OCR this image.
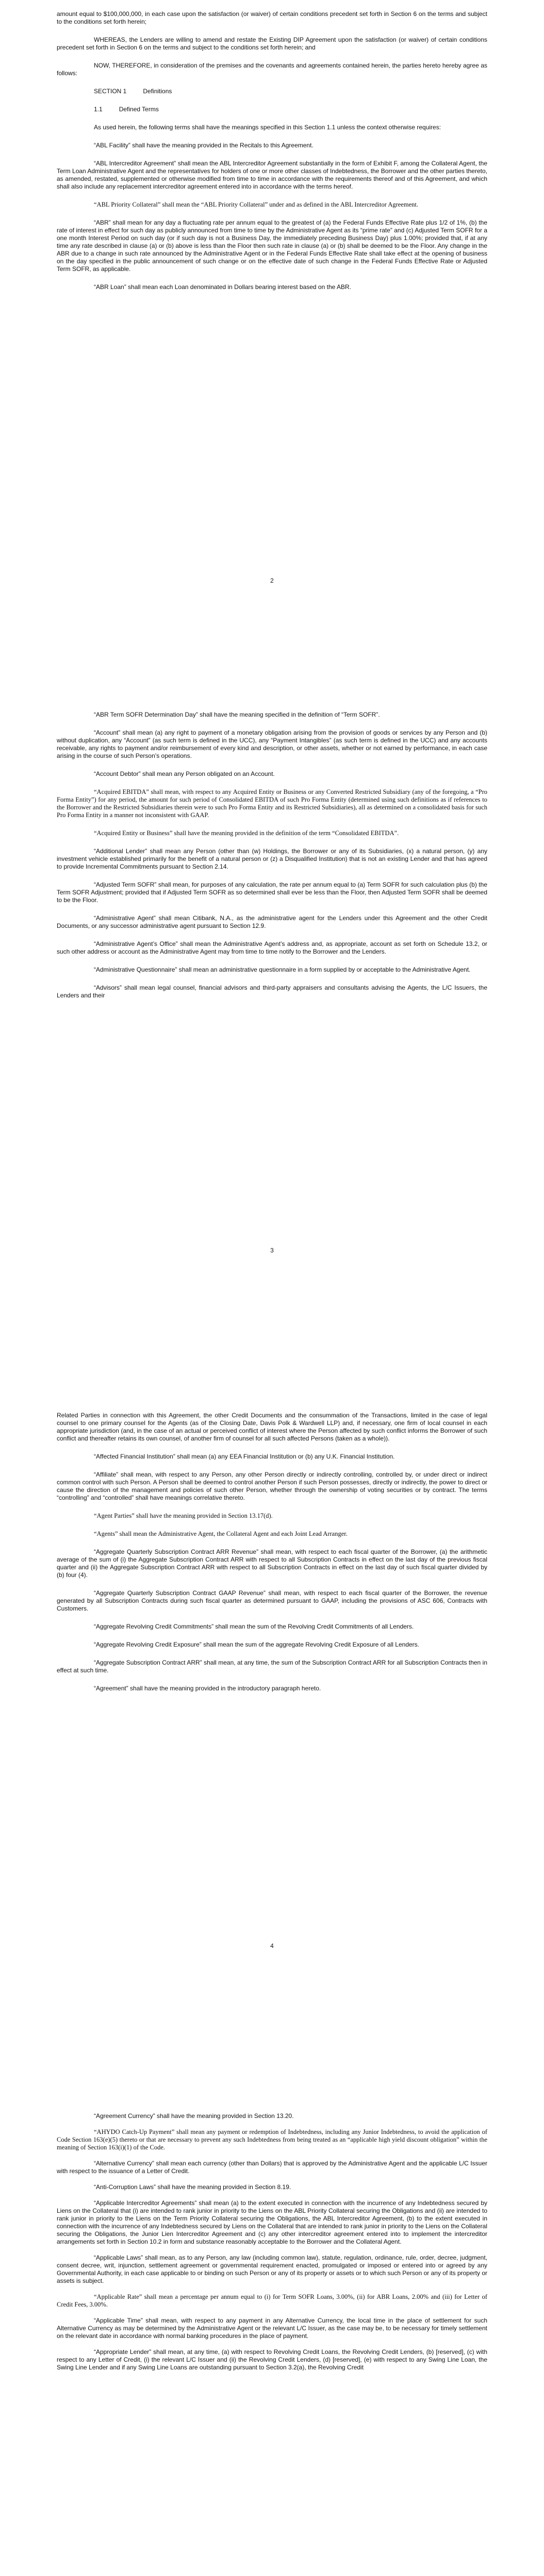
amount equal to $100,000,000, in each case upon the satisfaction (or waiver) of certain conditions precedent set forth in Section 6 on the terms and subject to the conditions set forth herein;

WHEREAS, the Lenders are willing to amend and restate the Existing DIP Agreement upon the satisfaction (or waiver) of certain conditions precedent set forth in Section 6 on the terms and subject to the conditions set forth herein; and

NOW, THEREFORE, in consideration of the premises and the covenants and agreements contained herein, the parties hereto hereby agree as follows:

SECTION 1	Definitions
1.1	Defined Terms

As used herein, the following terms shall have the meanings specified in this Section 1.1 unless the context otherwise requires:

“ABL Facility” shall have the meaning provided in the Recitals to this Agreement.

“ABL Intercreditor Agreement” shall mean the ABL Intercreditor Agreement substantially in the form of Exhibit F, among the Collateral Agent, the Term Loan Administrative Agent and the representatives for holders of one or more other classes of Indebtedness, the Borrower and the other parties thereto, as amended, restated, supplemented or otherwise modified from time to time in accordance with the requirements thereof and of this Agreement, and which shall also include any replacement intercreditor agreement entered into in accordance with the terms hereof.

“ABL Priority Collateral” shall mean the “ABL Priority Collateral” under and as defined in the ABL Intercreditor Agreement.

“ABR” shall mean for any day a fluctuating rate per annum equal to the greatest of (a) the Federal Funds Effective Rate plus 1/2 of 1%, (b) the rate of interest in effect for such day as publicly announced from time to time by the Administrative Agent as its “prime rate” and (c) Adjusted Term SOFR for a one month Interest Period on such day (or if such day is not a Business Day, the immediately preceding Business Day) plus 1.00%; provided that, if at any time any rate described in clause (a) or (b) above is less than the Floor then such rate in clause (a) or (b) shall be deemed to be the Floor. Any change in the ABR due to a change in such rate announced by the Administrative Agent or in the Federal Funds Effective Rate shall take effect at the opening of business on the day specified in the public announcement of such change or on the effective date of such change in the Federal Funds Effective Rate or Adjusted Term SOFR, as applicable.

“ABR Loan” shall mean each Loan denominated in Dollars bearing interest based on the ABR.

2

“ABR Term SOFR Determination Day” shall have the meaning specified in the definition of “Term SOFR”.

“Account” shall mean (a) any right to payment of a monetary obligation arising from the provision of goods or services by any Person and (b) without duplication, any “Account” (as such term is defined in the UCC), any “Payment Intangibles” (as such term is defined in the UCC) and any accounts receivable, any rights to payment and/or reimbursement of every kind and description, or other assets, whether or not earned by performance, in each case arising in the course of such Person’s operations.

“Account Debtor” shall mean any Person obligated on an Account.

“Acquired EBITDA” shall mean, with respect to any Acquired Entity or Business or any Converted Restricted Subsidiary (any of the foregoing, a “Pro Forma Entity”) for any period, the amount for such period of Consolidated EBITDA of such Pro Forma Entity (determined using such definitions as if references to the Borrower and the Restricted Subsidiaries therein were to such Pro Forma Entity and its Restricted Subsidiaries), all as determined on a consolidated basis for such Pro Forma Entity in a manner not inconsistent with GAAP.

“Acquired Entity or Business” shall have the meaning provided in the definition of the term “Consolidated EBITDA”.

“Additional Lender” shall mean any Person (other than (w) Holdings, the Borrower or any of its Subsidiaries, (x) a natural person, (y) any investment vehicle established primarily for the benefit of a natural person or (z) a Disqualified Institution) that is not an existing Lender and that has agreed to provide Incremental Commitments pursuant to Section 2.14.

“Adjusted Term SOFR” shall mean, for purposes of any calculation, the rate per annum equal to (a) Term SOFR for such calculation plus (b) the Term SOFR Adjustment; provided that if Adjusted Term SOFR as so determined shall ever be less than the Floor, then Adjusted Term SOFR shall be deemed to be the Floor.

“Administrative Agent” shall mean Citibank, N.A., as the administrative agent for the Lenders under this Agreement and the other Credit Documents, or any successor administrative agent pursuant to Section 12.9.

“Administrative Agent’s Office” shall mean the Administrative Agent’s address and, as appropriate, account as set forth on Schedule 13.2, or such other address or account as the Administrative Agent may from time to time notify to the Borrower and the Lenders.

“Administrative Questionnaire” shall mean an administrative questionnaire in a form supplied by or acceptable to the Administrative Agent.

“Advisors” shall mean legal counsel, financial advisors and third-party appraisers and consultants advising the Agents, the L/C Issuers, the Lenders and their

3

Related Parties in connection with this Agreement, the other Credit Documents and the consummation of the Transactions, limited in the case of legal counsel to one primary counsel for the Agents (as of the Closing Date, Davis Polk & Wardwell LLP) and, if necessary, one firm of local counsel in each appropriate jurisdiction (and, in the case of an actual or perceived conflict of interest where the Person affected by such conflict informs the Borrower of such conflict and thereafter retains its own counsel, of another firm of counsel for all such affected Persons (taken as a whole)).

“Affected Financial Institution” shall mean (a) any EEA Financial Institution or (b) any U.K. Financial Institution.

“Affiliate” shall mean, with respect to any Person, any other Person directly or indirectly controlling, controlled by, or under direct or indirect common control with such Person. A Person shall be deemed to control another Person if such Person possesses, directly or indirectly, the power to direct or cause the direction of the management and policies of such other Person, whether through the ownership of voting securities or by contract. The terms “controlling” and “controlled” shall have meanings correlative thereto.

“Agent Parties” shall have the meaning provided in Section 13.17(d).

“Agents” shall mean the Administrative Agent, the Collateral Agent and each Joint Lead Arranger.

“Aggregate Quarterly Subscription Contract ARR Revenue” shall mean, with respect to each fiscal quarter of the Borrower, (a) the arithmetic average of the sum of (i) the Aggregate Subscription Contract ARR with respect to all Subscription Contracts in effect on the last day of the previous fiscal quarter and (ii) the Aggregate Subscription Contract ARR with respect to all Subscription Contracts in effect on the last day of such fiscal quarter divided by (b) four (4).

“Aggregate Quarterly Subscription Contract GAAP Revenue” shall mean, with respect to each fiscal quarter of the Borrower, the revenue generated by all Subscription Contracts during such fiscal quarter as determined pursuant to GAAP, including the provisions of ASC 606, Contracts with Customers.

“Aggregate Revolving Credit Commitments” shall mean the sum of the Revolving Credit Commitments of all Lenders.

“Aggregate Revolving Credit Exposure” shall mean the sum of the aggregate Revolving Credit Exposure of all Lenders.

“Aggregate Subscription Contract ARR” shall mean, at any time, the sum of the Subscription Contract ARR for all Subscription Contracts then in effect at such time.

“Agreement” shall have the meaning provided in the introductory paragraph hereto.

4

“Agreement Currency” shall have the meaning provided in Section 13.20.

“AHYDO Catch-Up Payment” shall mean any payment or redemption of Indebtedness, including any Junior Indebtedness, to avoid the application of Code Section 163(e)(5) thereto or that are necessary to prevent any such Indebtedness from being treated as an “applicable high yield discount obligation” within the meaning of Section 163(i)(1) of the Code.

“Alternative Currency” shall mean each currency (other than Dollars) that is approved by the Administrative Agent and the applicable L/C Issuer with respect to the issuance of a Letter of Credit.

“Anti-Corruption Laws” shall have the meaning provided in Section 8.19.

“Applicable Intercreditor Agreements” shall mean (a) to the extent executed in connection with the incurrence of any Indebtedness secured by Liens on the Collateral that (i) are intended to rank junior in priority to the Liens on the ABL Priority Collateral securing the Obligations and (ii) are intended to rank junior in priority to the Liens on the Term Priority Collateral securing the Obligations, the ABL Intercreditor Agreement, (b) to the extent executed in connection with the incurrence of any Indebtedness secured by Liens on the Collateral that are intended to rank junior in priority to the Liens on the Collateral securing the Obligations, the Junior Lien Intercreditor Agreement and (c) any other intercreditor agreement entered into to implement the intercreditor arrangements set forth in Section 10.2 in form and substance reasonably acceptable to the Borrower and the Collateral Agent.

“Applicable Laws” shall mean, as to any Person, any law (including common law), statute, regulation, ordinance, rule, order, decree, judgment, consent decree, writ, injunction, settlement agreement or governmental requirement enacted, promulgated or imposed or entered into or agreed by any Governmental Authority, in each case applicable to or binding on such Person or any of its property or assets or to which such Person or any of its property or assets is subject.

“Applicable Rate” shall mean a percentage per annum equal to (i) for Term SOFR Loans, 3.00%, (ii) for ABR Loans, 2.00% and (iii) for Letter of Credit Fees, 3.00%.

“Applicable Time” shall mean, with respect to any payment in any Alternative Currency, the local time in the place of settlement for such Alternative Currency as may be determined by the Administrative Agent or the relevant L/C Issuer, as the case may be, to be necessary for timely settlement on the relevant date in accordance with normal banking procedures in the place of payment.

“Appropriate Lender” shall mean, at any time, (a) with respect to Revolving Credit Loans, the Revolving Credit Lenders, (b) [reserved], (c) with respect to any Letter of Credit, (i) the relevant L/C Issuer and (ii) the Revolving Credit Lenders, (d) [reserved], (e) with respect to any Swing Line Loan, the Swing Line Lender and if any Swing Line Loans are outstanding pursuant to Section 3.2(a), the Revolving Credit
